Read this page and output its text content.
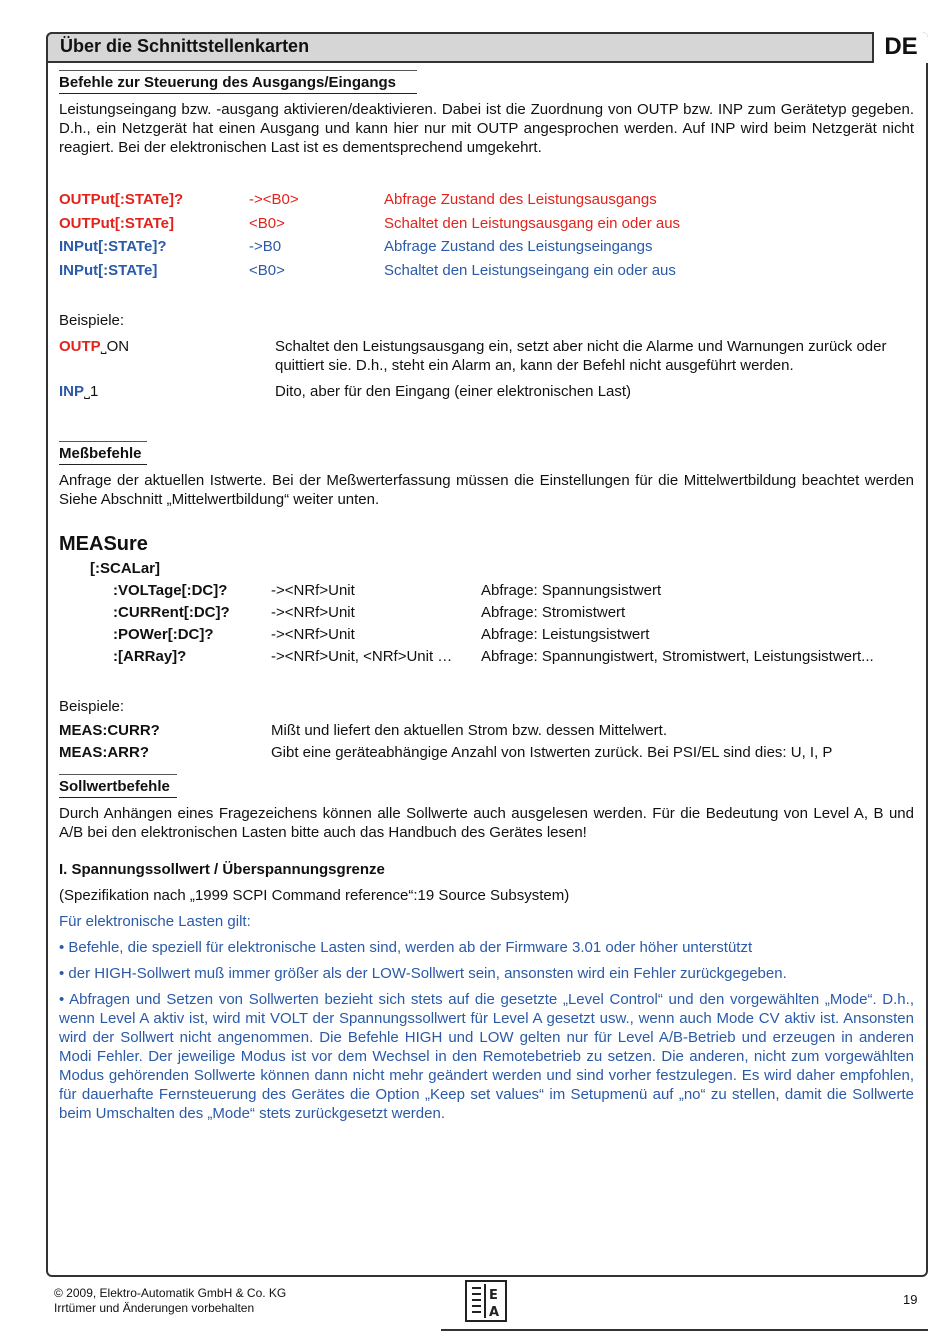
Über die Schnittstellenkarten	DE
Befehle zur Steuerung des Ausgangs/Eingangs
Leistungseingang bzw. -ausgang aktivieren/deaktivieren. Dabei ist die Zuordnung von OUTP bzw. INP zum Gerätetyp gegeben. D.h., ein Netzgerät hat einen Ausgang und kann hier nur mit OUTP angesprochen werden. Auf INP wird beim Netzgerät nicht reagiert. Bei der elektronischen Last ist es dementsprechend umgekehrt.
OUTPut[:STATe]?	-><B0>	Abfrage Zustand des Leistungsausgangs
OUTPut[:STATe]	<B0>	Schaltet den Leistungsausgang ein oder aus
INPut[:STATe]?	->B0	Abfrage Zustand des Leistungseingangs
INPut[:STATe]	<B0>	Schaltet den Leistungseingang ein oder aus
Beispiele:
OUTP˽ON	Schaltet den Leistungsausgang ein, setzt aber nicht die Alarme und Warnungen zurück oder
quittiert sie. D.h., steht ein Alarm an, kann der Befehl nicht ausgeführt werden.
INP˽1	Dito, aber für den Eingang (einer elektronischen Last)
Meßbefehle
Anfrage der aktuellen Istwerte. Bei der Meßwerterfassung müssen die Einstellungen für die Mittelwertbildung beachtet werden Siehe Abschnitt „Mittelwertbildung“ weiter unten.
MEASure
[:SCALar]
:VOLTage[:DC]?	-><NRf>Unit	Abfrage: Spannungsistwert
:CURRent[:DC]?	-><NRf>Unit	Abfrage: Stromistwert
:POWer[:DC]?	-><NRf>Unit	Abfrage: Leistungsistwert
:[ARRay]?	-><NRf>Unit, <NRf>Unit … Abfrage: Spannungistwert, Stromistwert, Leistungsistwert...
Beispiele:
MEAS:CURR?	Mißt und liefert den aktuellen Strom bzw. dessen Mittelwert.
MEAS:ARR?	Gibt eine geräteabhängige Anzahl von Istwerten zurück. Bei PSI/EL sind dies: U, I, P
Sollwertbefehle
Durch Anhängen eines Fragezeichens können alle Sollwerte auch ausgelesen werden. Für die Bedeutung von Level A, B und A/B bei den elektronischen Lasten bitte auch das Handbuch des Gerätes lesen!
I. Spannungssollwert / Überspannungsgrenze
(Spezifikation nach „1999 SCPI Command reference“:19 Source Subsystem)
Für elektronische Lasten gilt:
• Befehle, die speziell für elektronische Lasten sind, werden ab der Firmware 3.01 oder höher unterstützt
• der HIGH-Sollwert muß immer größer als der LOW-Sollwert sein, ansonsten wird ein Fehler zurückgegeben.
• Abfragen und Setzen von Sollwerten bezieht sich stets auf die gesetzte „Level Control“ und den vorgewählten „Mode“. D.h., wenn Level A aktiv ist, wird mit VOLT der Spannungssollwert für Level A gesetzt usw., wenn auch Mode CV aktiv ist. Ansonsten wird der Sollwert nicht angenommen. Die Befehle HIGH und LOW gelten nur für Level A/B-Betrieb und erzeugen in anderen Modi Fehler. Der jeweilige Modus ist vor dem Wechsel in den Remotebetrieb zu setzen. Die anderen, nicht zum vorgewählten Modus gehörenden Sollwerte können dann nicht mehr geändert werden und sind vorher festzulegen. Es wird daher empfohlen, für dauerhafte Fernsteuerung des Gerätes die Option „Keep set values“ im Setupmenü auf „no“ zu stellen, damit die Sollwerte beim Umschalten des „Mode“ stets zurückgesetzt werden.
© 2009, Elektro-Automatik GmbH & Co. KG
Irrtümer und Änderungen vorbehalten
E
A
19
